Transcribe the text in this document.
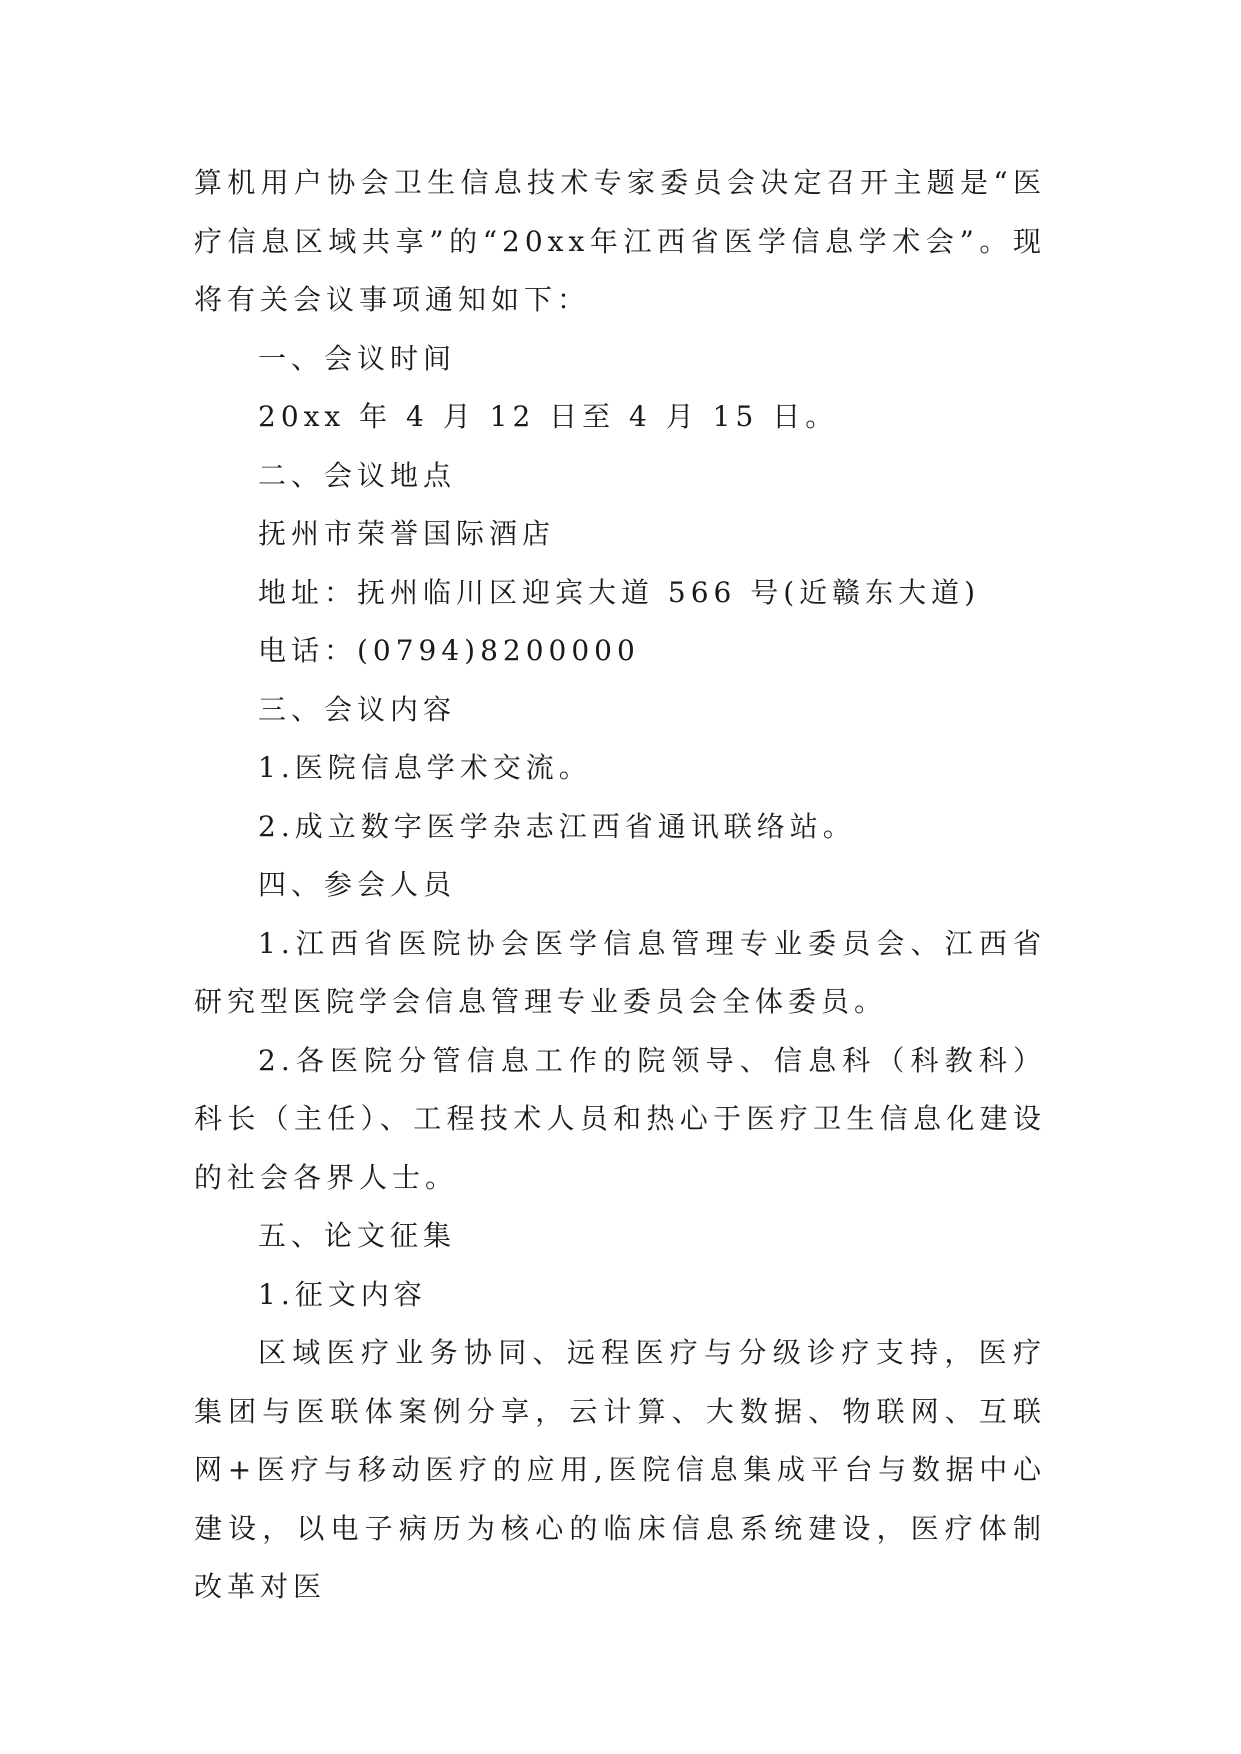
算机用户协会卫生信息技术专家委员会决定召开主题是“医疗信息区域共享”的“20xx年江西省医学信息学术会”。现将有关会议事项通知如下：

一、会议时间

20xx 年 4 月 12 日至 4 月 15 日。

二、会议地点

抚州市荣誉国际酒店

地址：抚州临川区迎宾大道 566 号(近赣东大道)

电话：(0794)8200000

三、会议内容

1.医院信息学术交流。

2.成立数字医学杂志江西省通讯联络站。

四、参会人员

1.江西省医院协会医学信息管理专业委员会、江西省研究型医院学会信息管理专业委员会全体委员。

2.各医院分管信息工作的院领导、信息科（科教科）科长（主任）、工程技术人员和热心于医疗卫生信息化建设的社会各界人士。

五、论文征集

1.征文内容

区域医疗业务协同、远程医疗与分级诊疗支持，医疗集团与医联体案例分享，云计算、大数据、物联网、互联网+医疗与移动医疗的应用,医院信息集成平台与数据中心建设，以电子病历为核心的临床信息系统建设，医疗体制改革对医
